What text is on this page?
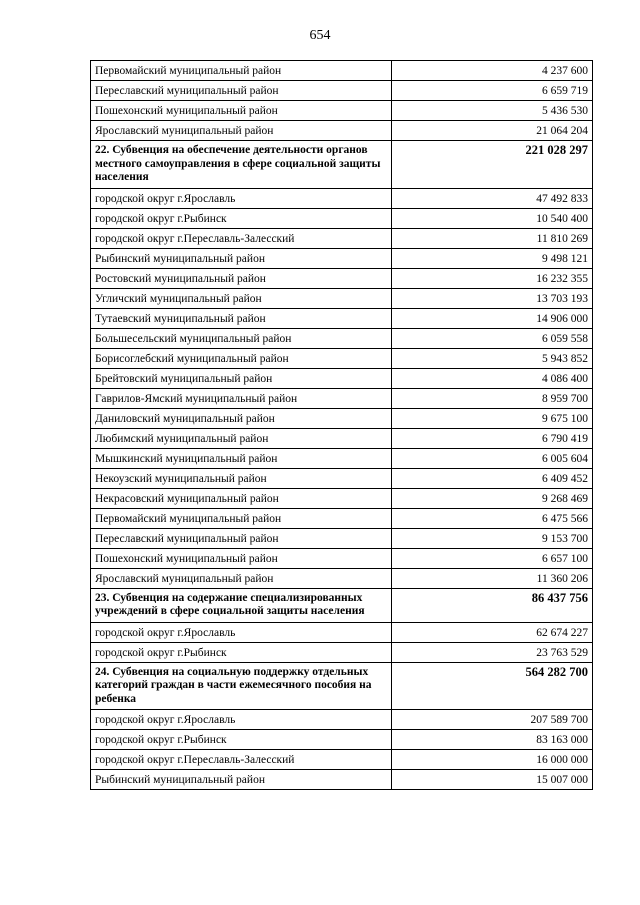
654
Первомайский муниципальный район	4 237 600
Переславский муниципальный район	6 659 719
Пошехонский муниципальный район	5 436 530
Ярославский муниципальный район	21 064 204
22. Субвенция на обеспечение деятельности органов местного самоуправления в сфере социальной защиты населения	221 028 297
городской округ г.Ярославль	47 492 833
городской округ г.Рыбинск	10 540 400
городской округ г.Переславль-Залесский	11 810 269
Рыбинский муниципальный район	9 498 121
Ростовский муниципальный район	16 232 355
Угличский муниципальный район	13 703 193
Тутаевский муниципальный район	14 906 000
Большесельский муниципальный район	6 059 558
Борисоглебский муниципальный район	5 943 852
Брейтовский муниципальный район	4 086 400
Гаврилов-Ямский муниципальный район	8 959 700
Даниловский муниципальный район	9 675 100
Любимский муниципальный район	6 790 419
Мышкинский муниципальный район	6 005 604
Некоузский муниципальный район	6 409 452
Некрасовский муниципальный район	9 268 469
Первомайский муниципальный район	6 475 566
Переславский муниципальный район	9 153 700
Пошехонский муниципальный район	6 657 100
Ярославский муниципальный район	11 360 206
23. Субвенция на содержание специализированных учреждений в сфере социальной защиты населения	86 437 756
городской округ г.Ярославль	62 674 227
городской округ г.Рыбинск	23 763 529
24. Субвенция на социальную поддержку отдельных категорий граждан в части ежемесячного пособия на ребенка	564 282 700
городской округ г.Ярославль	207 589 700
городской округ г.Рыбинск	83 163 000
городской округ г.Переславль-Залесский	16 000 000
Рыбинский муниципальный район	15 007 000
